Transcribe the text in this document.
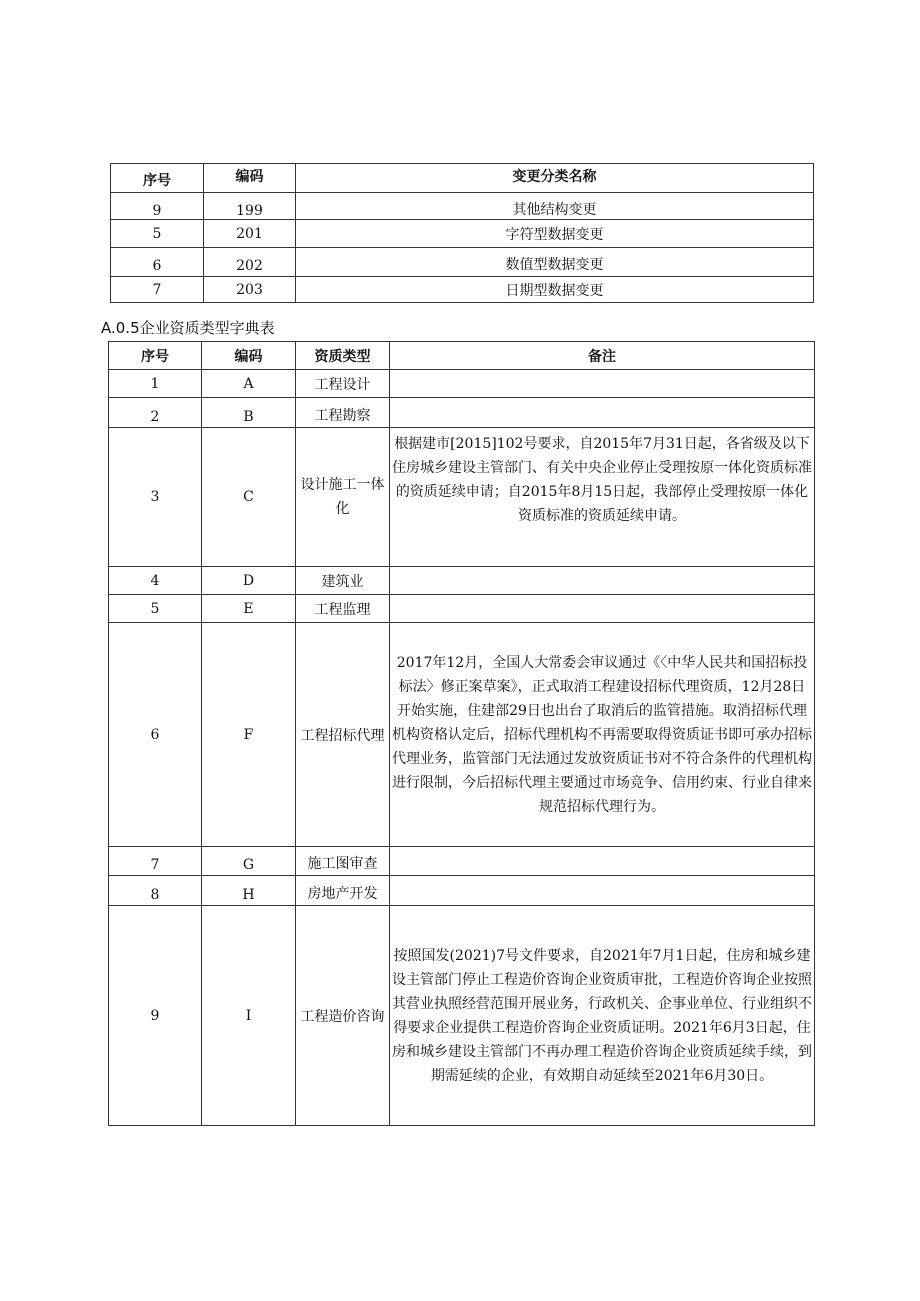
序号	编码	变更分类名称
9	199	其他结构变更
5	201	字符型数据变更
6	202	数值型数据变更
7	203	日期型数据变更
A.0.5企业资质类型字典表
序号	编码	资质类型	备注
1	A	工程设计	
2	B	工程勘察	
3	C	设计施工一体化	根据建市[2015]102号要求，自2015年7月31日起，各省级及以下住房城乡建设主管部门、有关中央企业停止受理按原一体化资质标准的资质延续申请；自2015年8月15日起，我部停止受理按原一体化资质标准的资质延续申请。
4	D	建筑业	
5	E	工程监理	
6	F	工程招标代理	2017年12月，全国人大常委会审议通过《〈中华人民共和国招标投标法〉修正案草案》，正式取消工程建设招标代理资质，12月28日开始实施，住建部29日也出台了取消后的监管措施。取消招标代理机构资格认定后，招标代理机构不再需要取得资质证书即可承办招标代理业务，监管部门无法通过发放资质证书对不符合条件的代理机构进行限制，今后招标代理主要通过市场竞争、信用约束、行业自律来规范招标代理行为。
7	G	施工图审查	
8	H	房地产开发	
9	I	工程造价咨询	按照国发(2021)7号文件要求，自2021年7月1日起，住房和城乡建设主管部门停止工程造价咨询企业资质审批，工程造价咨询企业按照其营业执照经营范围开展业务，行政机关、企事业单位、行业组织不得要求企业提供工程造价咨询企业资质证明。2021年6月3日起，住房和城乡建设主管部门不再办理工程造价咨询企业资质延续手续，到期需延续的企业，有效期自动延续至2021年6月30日。
